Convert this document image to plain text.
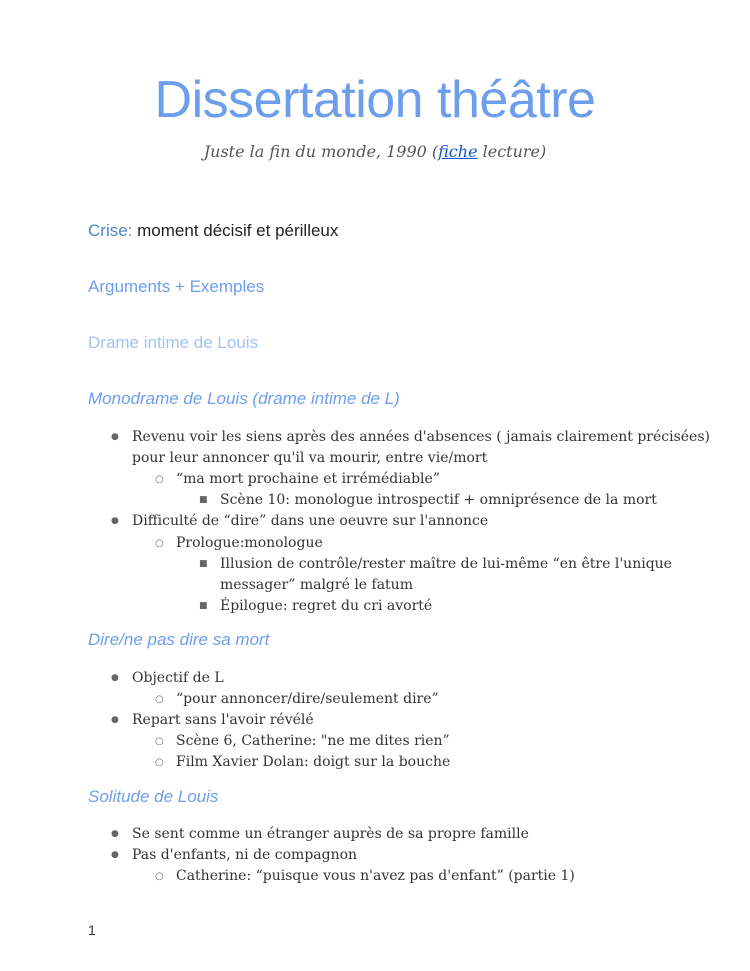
Dissertation théâtre
Juste la fin du monde, 1990 (fiche lecture)
Crise: moment décisif et périlleux
Arguments + Exemples
Drame intime de Louis
Monodrame de Louis (drame intime de L)
● Revenu voir les siens après des années d'absences ( jamais clairement précisées)
pour leur annoncer qu'il va mourir, entre vie/mort
○ “ma mort prochaine et irrémédiable”
■ Scène 10: monologue introspectif + omniprésence de la mort
● Difficulté de “dire” dans une oeuvre sur l'annonce
○ Prologue:monologue
■ Illusion de contrôle/rester maître de lui-même “en être l'unique
messager” malgré le fatum
■ Épilogue: regret du cri avorté
Dire/ne pas dire sa mort
● Objectif de L
○ “pour annoncer/dire/seulement dire”
● Repart sans l'avoir révélé
○ Scène 6, Catherine: "ne me dites rien”
○ Film Xavier Dolan: doigt sur la bouche
Solitude de Louis
● Se sent comme un étranger auprès de sa propre famille
● Pas d'enfants, ni de compagnon
○ Catherine: “puisque vous n'avez pas d'enfant” (partie 1)
1
